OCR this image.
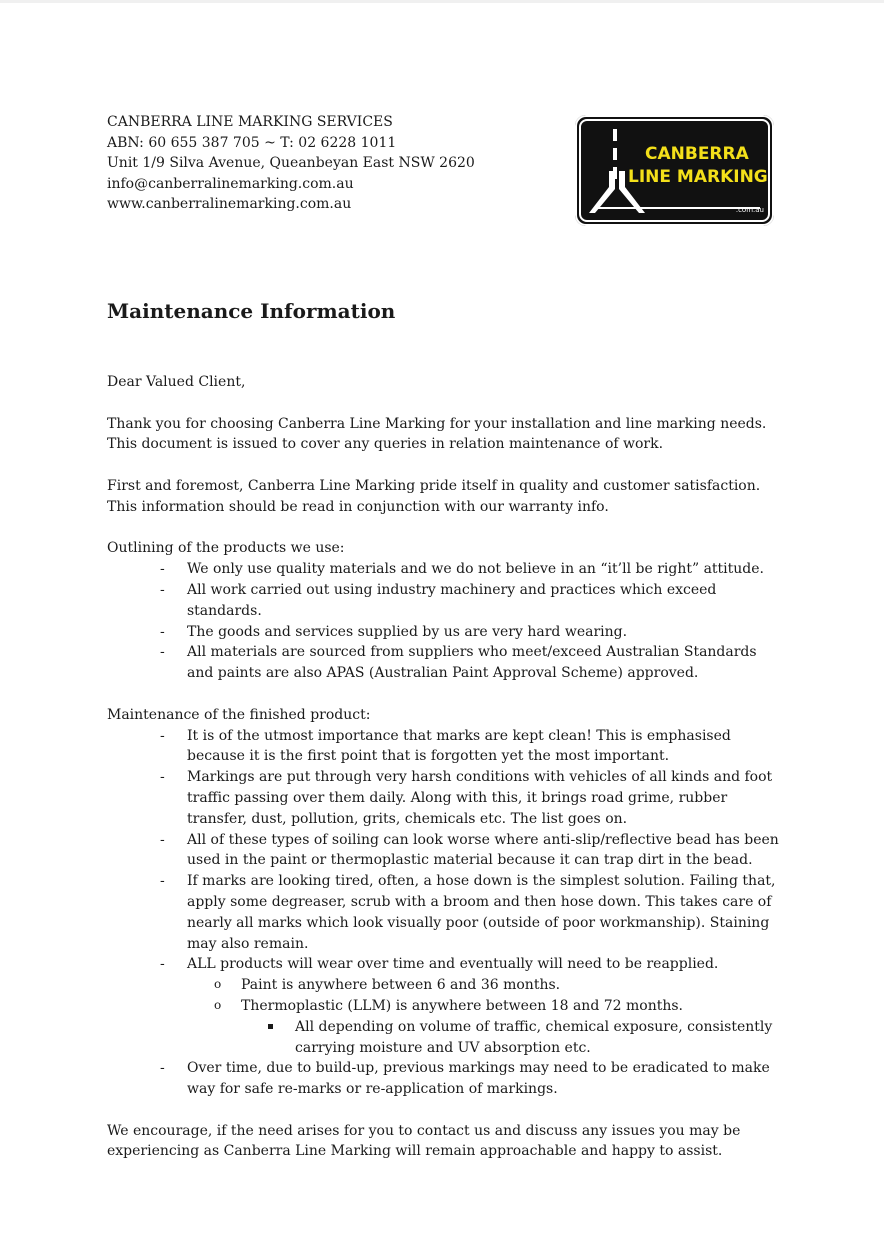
CANBERRA LINE MARKING SERVICES
ABN: 60 655 387 705 ~ T: 02 6228 1011
Unit 1/9 Silva Avenue, Queanbeyan East NSW 2620
info@canberralinemarking.com.au
www.canberralinemarking.com.au
CANBERRA
LINE MARKING
.com.au
Maintenance Information

Dear Valued Client,

Thank you for choosing Canberra Line Marking for your installation and line marking needs.
This document is issued to cover any queries in relation maintenance of work.

First and foremost, Canberra Line Marking pride itself in quality and customer satisfaction.
This information should be read in conjunction with our warranty info.

Outlining of the products we use:
- We only use quality materials and we do not believe in an “it’ll be right” attitude.
- All work carried out using industry machinery and practices which exceed standards.
- The goods and services supplied by us are very hard wearing.
- All materials are sourced from suppliers who meet/exceed Australian Standards and paints are also APAS (Australian Paint Approval Scheme) approved.
Maintenance of the finished product:
- It is of the utmost importance that marks are kept clean! This is emphasised because it is the first point that is forgotten yet the most important.
- Markings are put through very harsh conditions with vehicles of all kinds and foot traffic passing over them daily. Along with this, it brings road grime, rubber transfer, dust, pollution, grits, chemicals etc. The list goes on.
- All of these types of soiling can look worse where anti-slip/reflective bead has been used in the paint or thermoplastic material because it can trap dirt in the bead.
- If marks are looking tired, often, a hose down is the simplest solution. Failing that, apply some degreaser, scrub with a broom and then hose down. This takes care of nearly all marks which look visually poor (outside of poor workmanship). Staining may also remain.
- ALL products will wear over time and eventually will need to be reapplied.
o Paint is anywhere between 6 and 36 months.
o Thermoplastic (LLM) is anywhere between 18 and 72 months.
All depending on volume of traffic, chemical exposure, consistently carrying moisture and UV absorption etc.
- Over time, due to build-up, previous markings may need to be eradicated to make way for safe re-marks or re-application of markings.

We encourage, if the need arises for you to contact us and discuss any issues you may be experiencing as Canberra Line Marking will remain approachable and happy to assist.
